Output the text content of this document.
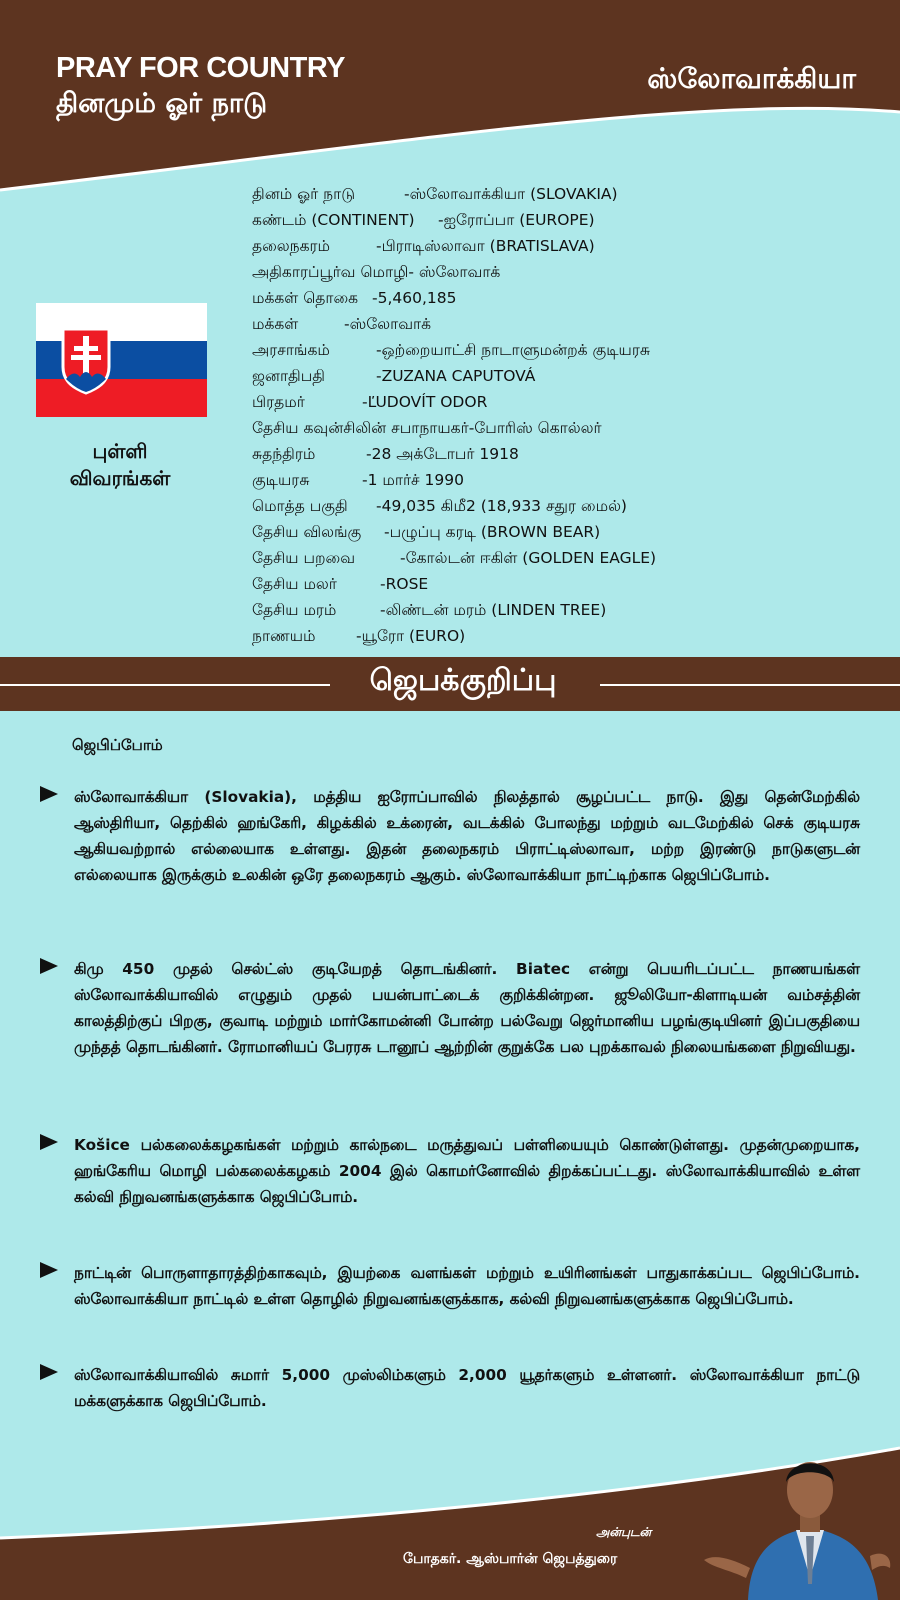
PRAY FOR COUNTRY
தினமும் ஓர் நாடு
ஸ்லோவாக்கியா
புள்ளி
விவரங்கள்
தினம் ஓர் நாடு	-ஸ்லோவாக்கியா (SLOVAKIA)
கண்டம் (CONTINENT) -ஐரோப்பா (EUROPE)
தலைநகரம்	-பிராடிஸ்லாவா (BRATISLAVA)
அதிகாரப்பூர்வ மொழி- ஸ்லோவாக்
மக்கள் தொகை -5,460,185
மக்கள்	-ஸ்லோவாக்
அரசாங்கம்	-ஒற்றையாட்சி நாடாளுமன்றக் குடியரசு
ஜனாதிபதி	-ZUZANA CAPUTOVÁ
பிரதமர்	-ĽUDOVÍT ODOR
தேசிய கவுன்சிலின் சபாநாயகர்-போரிஸ் கொல்லர்
சுதந்திரம்	-28 அக்டோபர் 1918
குடியரசு	-1 மார்ச் 1990
மொத்த பகுதி -49,035 கிமீ2 (18,933 சதுர மைல்)
தேசிய விலங்கு -பழுப்பு கரடி (BROWN BEAR)
தேசிய பறவை	-கோல்டன் ஈகிள் (GOLDEN EAGLE)
தேசிய மலர்	-ROSE
தேசிய மரம்	-லிண்டன் மரம் (LINDEN TREE)
நாணயம்	-யூரோ (EURO)
ஜெபக்குறிப்பு
ஜெபிப்போம்
ஸ்லோவாக்கியா (Slovakia), மத்திய ஐரோப்பாவில் நிலத்தால் சூழப்பட்ட நாடு. இது தென்மேற்கில் ஆஸ்திரியா, தெற்கில் ஹங்கேரி, கிழக்கில் உக்ரைன், வடக்கில் போலந்து மற்றும் வடமேற்கில் செக் குடியரசு ஆகியவற்றால் எல்லையாக உள்ளது. இதன் தலைநகரம் பிராட்டிஸ்லாவா, மற்ற இரண்டு நாடுகளுடன் எல்லையாக இருக்கும் உலகின் ஒரே தலைநகரம் ஆகும். ஸ்லோவாக்கியா நாட்டிற்காக ஜெபிப்போம்.
கிமு 450 முதல் செல்ட்ஸ் குடியேறத் தொடங்கினர். Biatec என்று பெயரிடப்பட்ட நாணயங்கள் ஸ்லோவாக்கியாவில் எழுதும் முதல் பயன்பாட்டைக் குறிக்கின்றன. ஜூலியோ-கிளாடியன் வம்சத்தின் காலத்திற்குப் பிறகு, குவாடி மற்றும் மார்கோமன்னி போன்ற பல்வேறு ஜெர்மானிய பழங்குடியினர் இப்பகுதியை முந்தத் தொடங்கினர். ரோமானியப் பேரரசு டானூப் ஆற்றின் குறுக்கே பல புறக்காவல் நிலையங்களை நிறுவியது.
Košice பல்கலைக்கழகங்கள் மற்றும் கால்நடை மருத்துவப் பள்ளியையும் கொண்டுள்ளது. முதன்முறையாக, ஹங்கேரிய மொழி பல்கலைக்கழகம் 2004 இல் கொமர்னோவில் திறக்கப்பட்டது. ஸ்லோவாக்கியாவில் உள்ள கல்வி நிறுவனங்களுக்காக ஜெபிப்போம்.
நாட்டின் பொருளாதாரத்திற்காகவும், இயற்கை வளங்கள் மற்றும் உயிரினங்கள் பாதுகாக்கப்பட ஜெபிப்போம். ஸ்லோவாக்கியா நாட்டில் உள்ள தொழில் நிறுவனங்களுக்காக, கல்வி நிறுவனங்களுக்காக ஜெபிப்போம்.
ஸ்லோவாக்கியாவில் சுமார் 5,000 முஸ்லிம்களும் 2,000 யூதர்களும் உள்ளனர். ஸ்லோவாக்கியா நாட்டு மக்களுக்காக ஜெபிப்போம்.
அன்புடன்
போதகர். ஆஸ்பார்ன் ஜெபத்துரை
